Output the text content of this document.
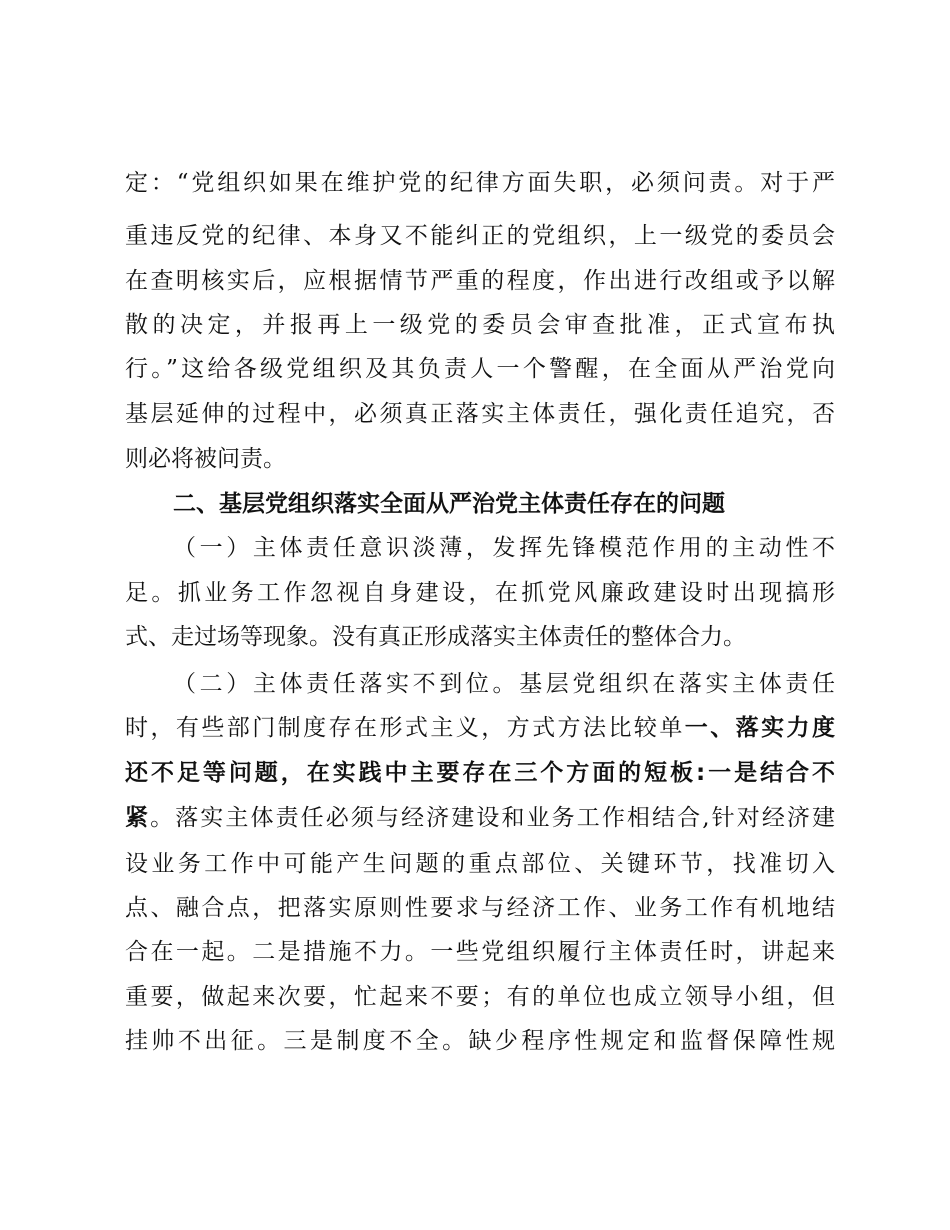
定：“党组织如果在维护党的纪律方面失职，必须问责。对于严
重违反党的纪律、本身又不能纠正的党组织，上一级党的委员会
在查明核实后，应根据情节严重的程度，作出进行改组或予以解
散的决定，并报再上一级党的委员会审查批准，正式宣布执
行。”这给各级党组织及其负责人一个警醒，在全面从严治党向
基层延伸的过程中，必须真正落实主体责任，强化责任追究，否
则必将被问责。
二、基层党组织落实全面从严治党主体责任存在的问题
（一）主体责任意识淡薄，发挥先锋模范作用的主动性不
足。抓业务工作忽视自身建设，在抓党风廉政建设时出现搞形
式、走过场等现象。没有真正形成落实主体责任的整体合力。
（二）主体责任落实不到位。基层党组织在落实主体责任
时，有些部门制度存在形式主义，方式方法比较单一、落实力度
还不足等问题，在实践中主要存在三个方面的短板:一是结合不
紧。落实主体责任必须与经济建设和业务工作相结合,针对经济建
设业务工作中可能产生问题的重点部位、关键环节，找准切入
点、融合点，把落实原则性要求与经济工作、业务工作有机地结
合在一起。二是措施不力。一些党组织履行主体责任时，讲起来
重要，做起来次要，忙起来不要；有的单位也成立领导小组，但
挂帅不出征。三是制度不全。缺少程序性规定和监督保障性规
